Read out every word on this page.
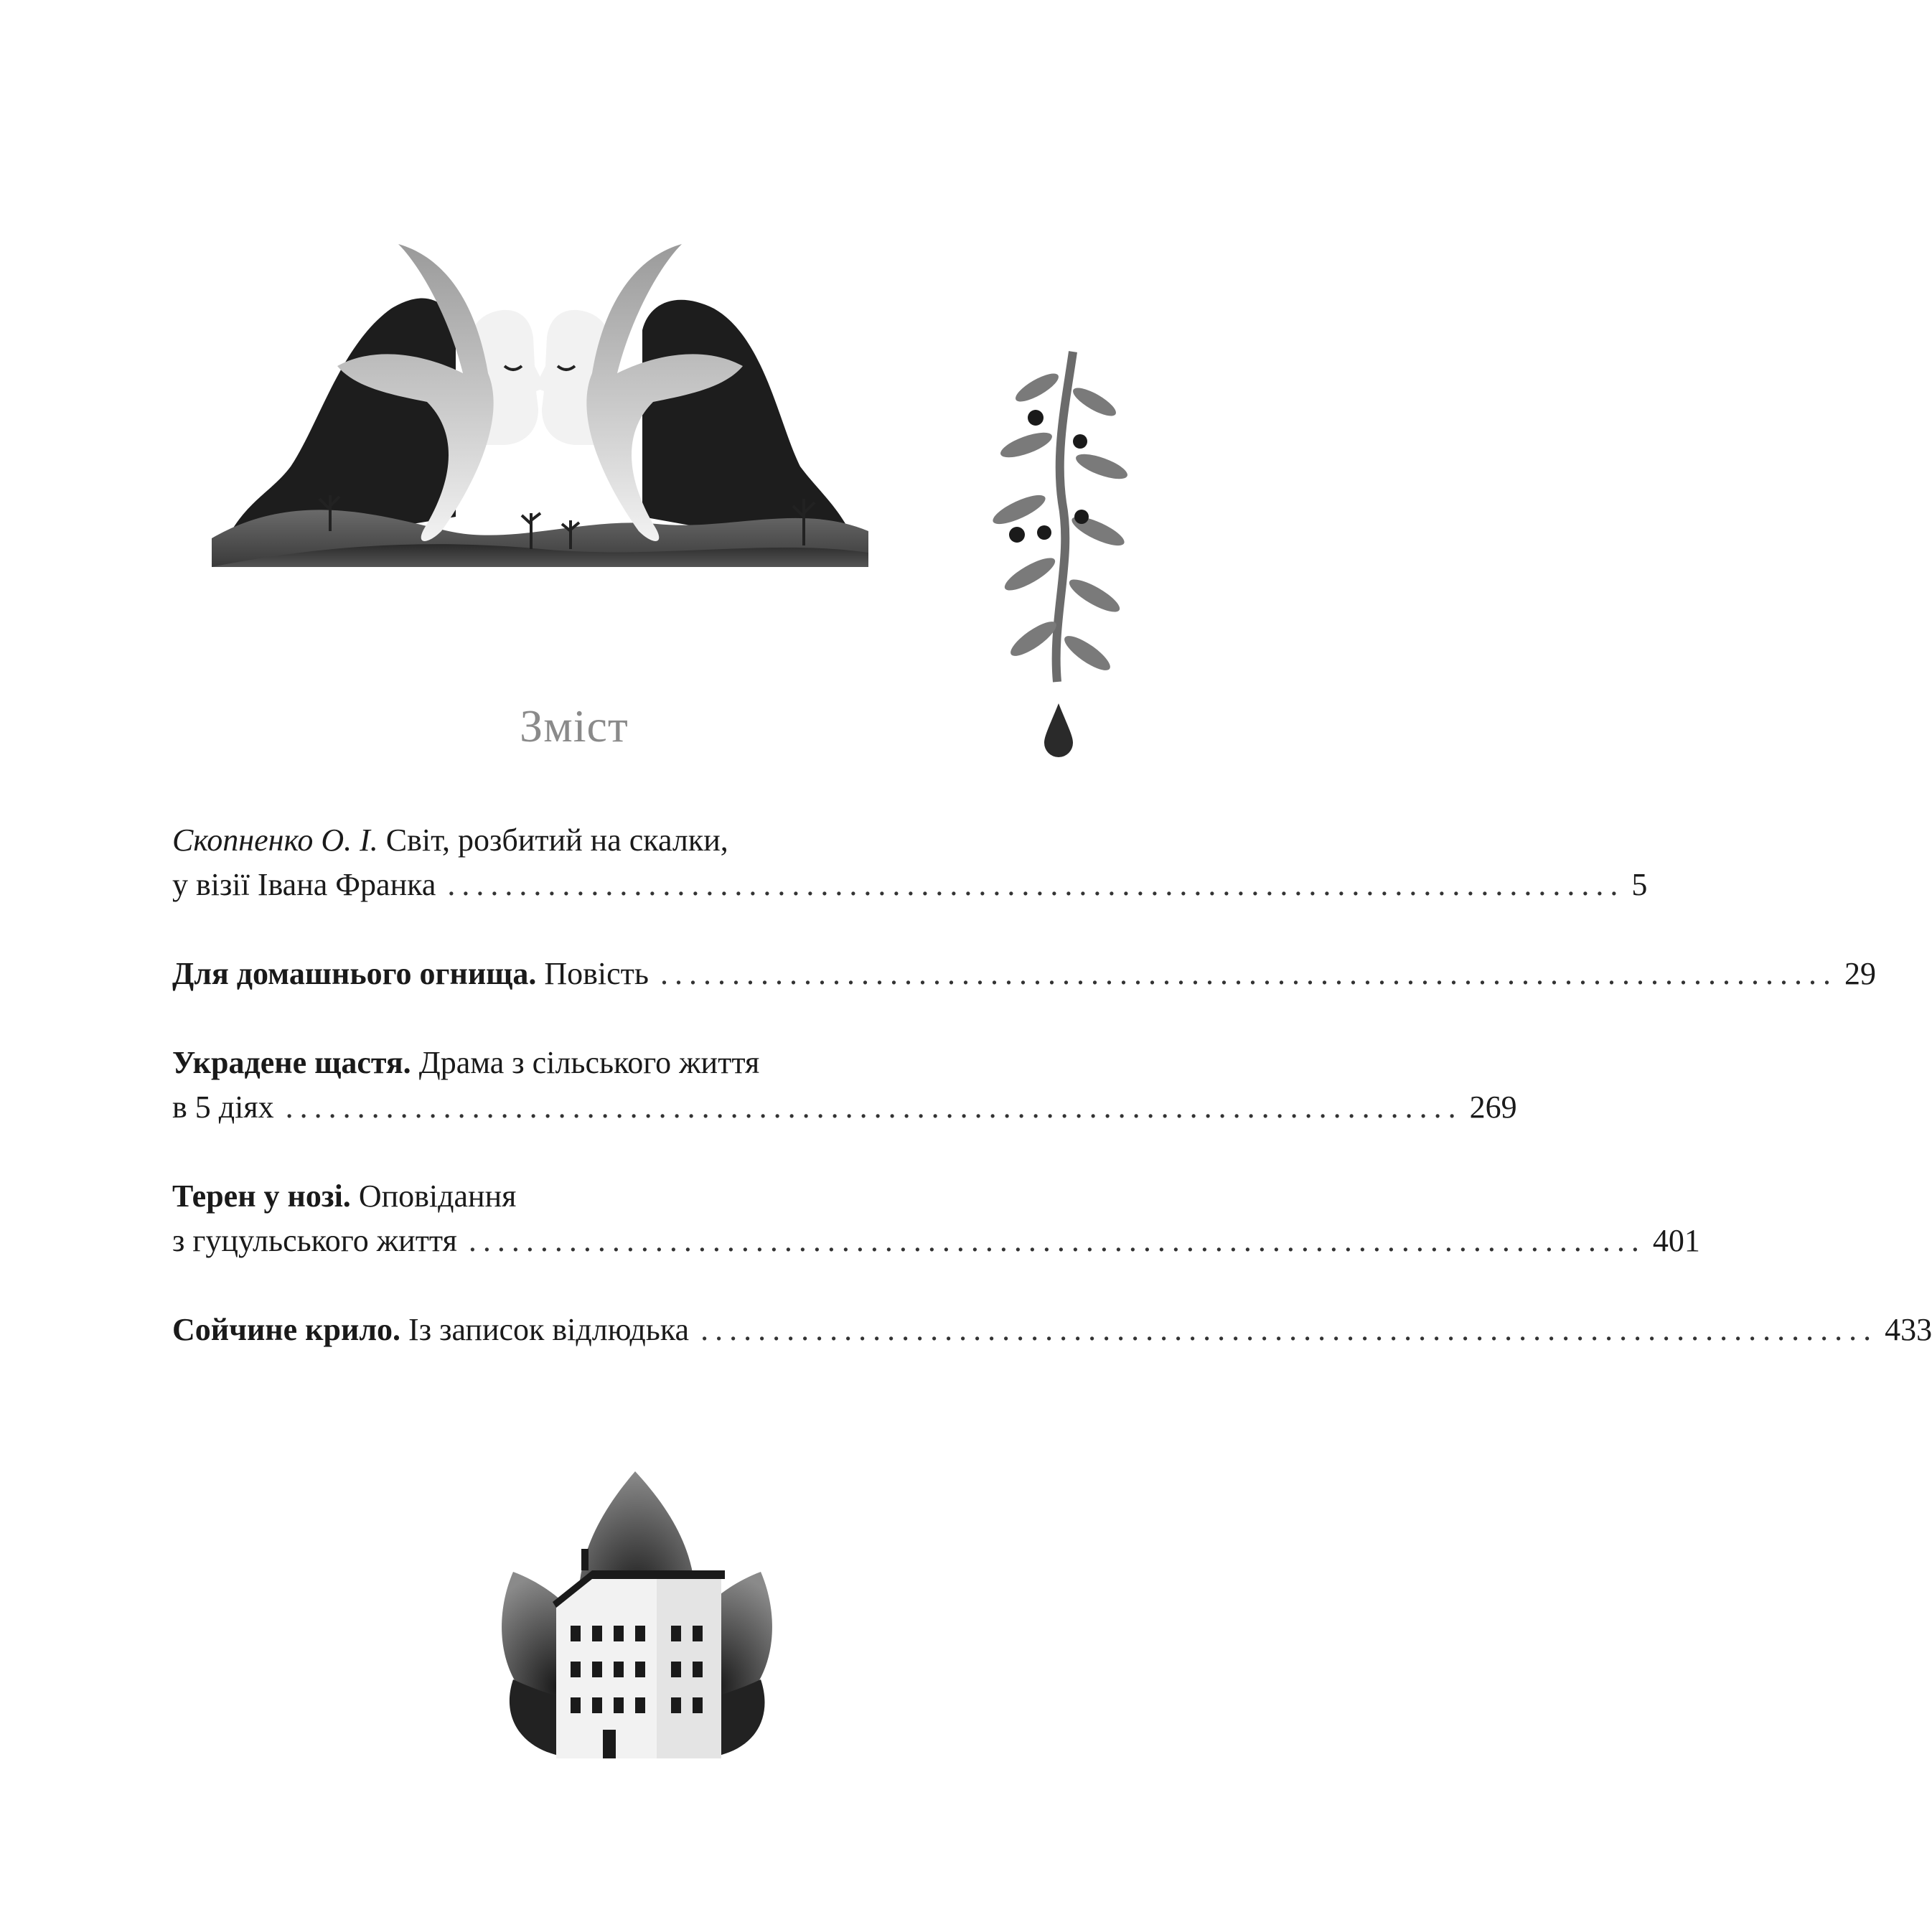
Зміст
Скопненко О. І. Світ, розбитий на скалки,
у візії Івана Франка .................................................................................. 5
Для домашнього огнища. Повість .................................................................................. 29
Украдене щастя. Драма з сільського життя
в 5 діях .................................................................................. 269
Терен у нозі. Оповідання
з гуцульського життя .................................................................................. 401
Сойчине крило. Із записок відлюдька .................................................................................. 433
